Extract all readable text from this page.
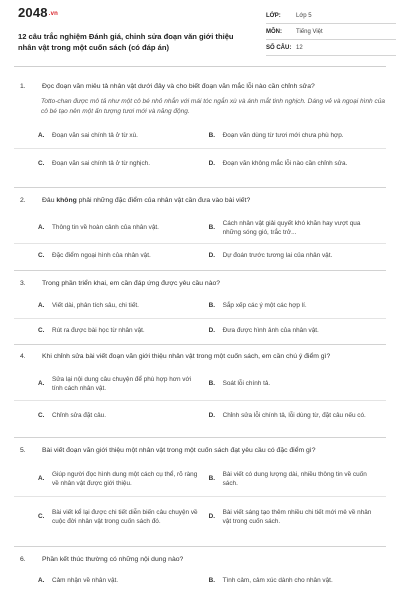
2048.vn
12 câu trắc nghiệm Đánh giá, chỉnh sửa đoạn văn giới thiệu nhân vật trong một cuốn sách (có đáp án)
LỚP:	Lớp 5
MÔN:	Tiếng Việt
SỐ CÂU: 12
1.	Đọc đoạn văn miêu tả nhân vật dưới đây và cho biết đoạn văn mắc lỗi nào cần chỉnh sửa?
Totto-chan được mô tả như một cô bé nhỏ nhắn với mái tóc ngắn xù và ánh mắt tinh nghịch. Dáng vẻ và ngoại hình của cô bé tạo nên một ấn tượng tươi mới và năng động.
A.	Đoạn văn sai chính tả ở từ xù.	B.	Đoạn văn dùng từ tươi mới chưa phù hợp.
C.	Đoạn văn sai chính tả ở từ nghịch.	D.	Đoạn văn không mắc lỗi nào cần chỉnh sửa.
2.	Đâu không phải những đặc điểm của nhân vật cần đưa vào bài viết?
A.	Thông tin về hoàn cảnh của nhân vật.	B.
Cách nhân vật giải quyết khó khăn hay vượt qua những sóng gió, trắc trở...
C.	Đặc điểm ngoại hình của nhân vật.	D.	Dự đoán trước tương lai của nhân vật.
3.	Trong phần triển khai, em cần đáp ứng được yêu cầu nào?
A.	Viết dài, phân tích sâu, chi tiết.	B.	Sắp xếp các ý một các hợp lí.
C.	Rút ra được bài học từ nhân vật.	D.	Đưa được hình ảnh của nhân vật.
4.	Khi chỉnh sửa bài viết đoạn văn giới thiệu nhân vật trong một cuốn sách, em cần chú ý điểm gì?
A.
Sửa lại nội dung câu chuyện để phù hợp hơn với tính cách nhân vật.
B.	Soát lỗi chính tả.
C.	Chỉnh sửa đặt câu.	D.	Chỉnh sửa lỗi chính tả, lỗi dùng từ, đặt câu nếu có.
5.	Bài viết đoạn văn giới thiệu một nhân vật trong một cuốn sách đạt yêu cầu có đặc điểm gì?
A.
Giúp người đọc hình dung một cách cụ thể, rõ ràng về nhân vật được giới thiệu.
B.
Bài viết có dung lượng dài, nhiều thông tin về cuốn sách.
C.
Bài viết kể lại được chi tiết diễn biến câu chuyện về cuộc đời nhân vật trong cuốn sách đó.
D.
Bài viết sáng tạo thêm nhiều chi tiết mới mẻ về nhân vật trong cuốn sách.
6.	Phần kết thúc thường có những nội dung nào?
A.	Cảm nhận về nhân vật.	B.	Tình cảm, cảm xúc dành cho nhân vật.
